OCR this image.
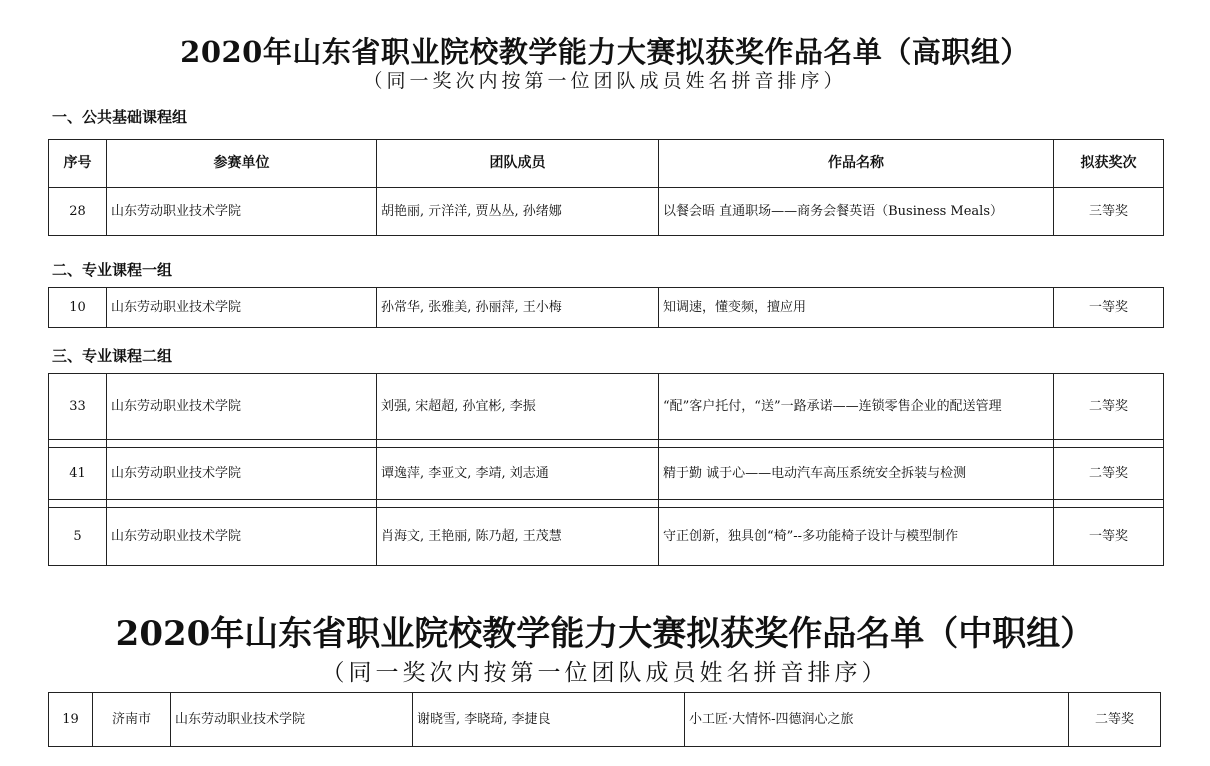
2020年山东省职业院校教学能力大赛拟获奖作品名单（高职组）
（同一奖次内按第一位团队成员姓名拼音排序）
一、公共基础课程组
序号	参赛单位	团队成员	作品名称	拟获奖次
28	山东劳动职业技术学院	胡艳丽, 亓洋洋, 贾丛丛, 孙绪娜	以餐会晤 直通职场——商务会餐英语（Business Meals）	三等奖
二、专业课程一组
10	山东劳动职业技术学院	孙常华, 张雅美, 孙丽萍, 王小梅	知调速，懂变频，擅应用	一等奖
三、专业课程二组
33	山东劳动职业技术学院	刘强, 宋超超, 孙宜彬, 李振	“配”客户托付，“送”一路承诺——连锁零售企业的配送管理	二等奖

41	山东劳动职业技术学院	谭逸萍, 李亚文, 李靖, 刘志通	精于勤 诚于心——电动汽车高压系统安全拆装与检测	二等奖

5	山东劳动职业技术学院	肖海文, 王艳丽, 陈乃超, 王茂慧	守正创新，独具创“椅”--多功能椅子设计与模型制作	一等奖
2020年山东省职业院校教学能力大赛拟获奖作品名单（中职组）
（同一奖次内按第一位团队成员姓名拼音排序）
19	济南市	山东劳动职业技术学院	谢晓雪, 李晓琦, 李捷良	小工匠·大情怀-四德润心之旅	二等奖
